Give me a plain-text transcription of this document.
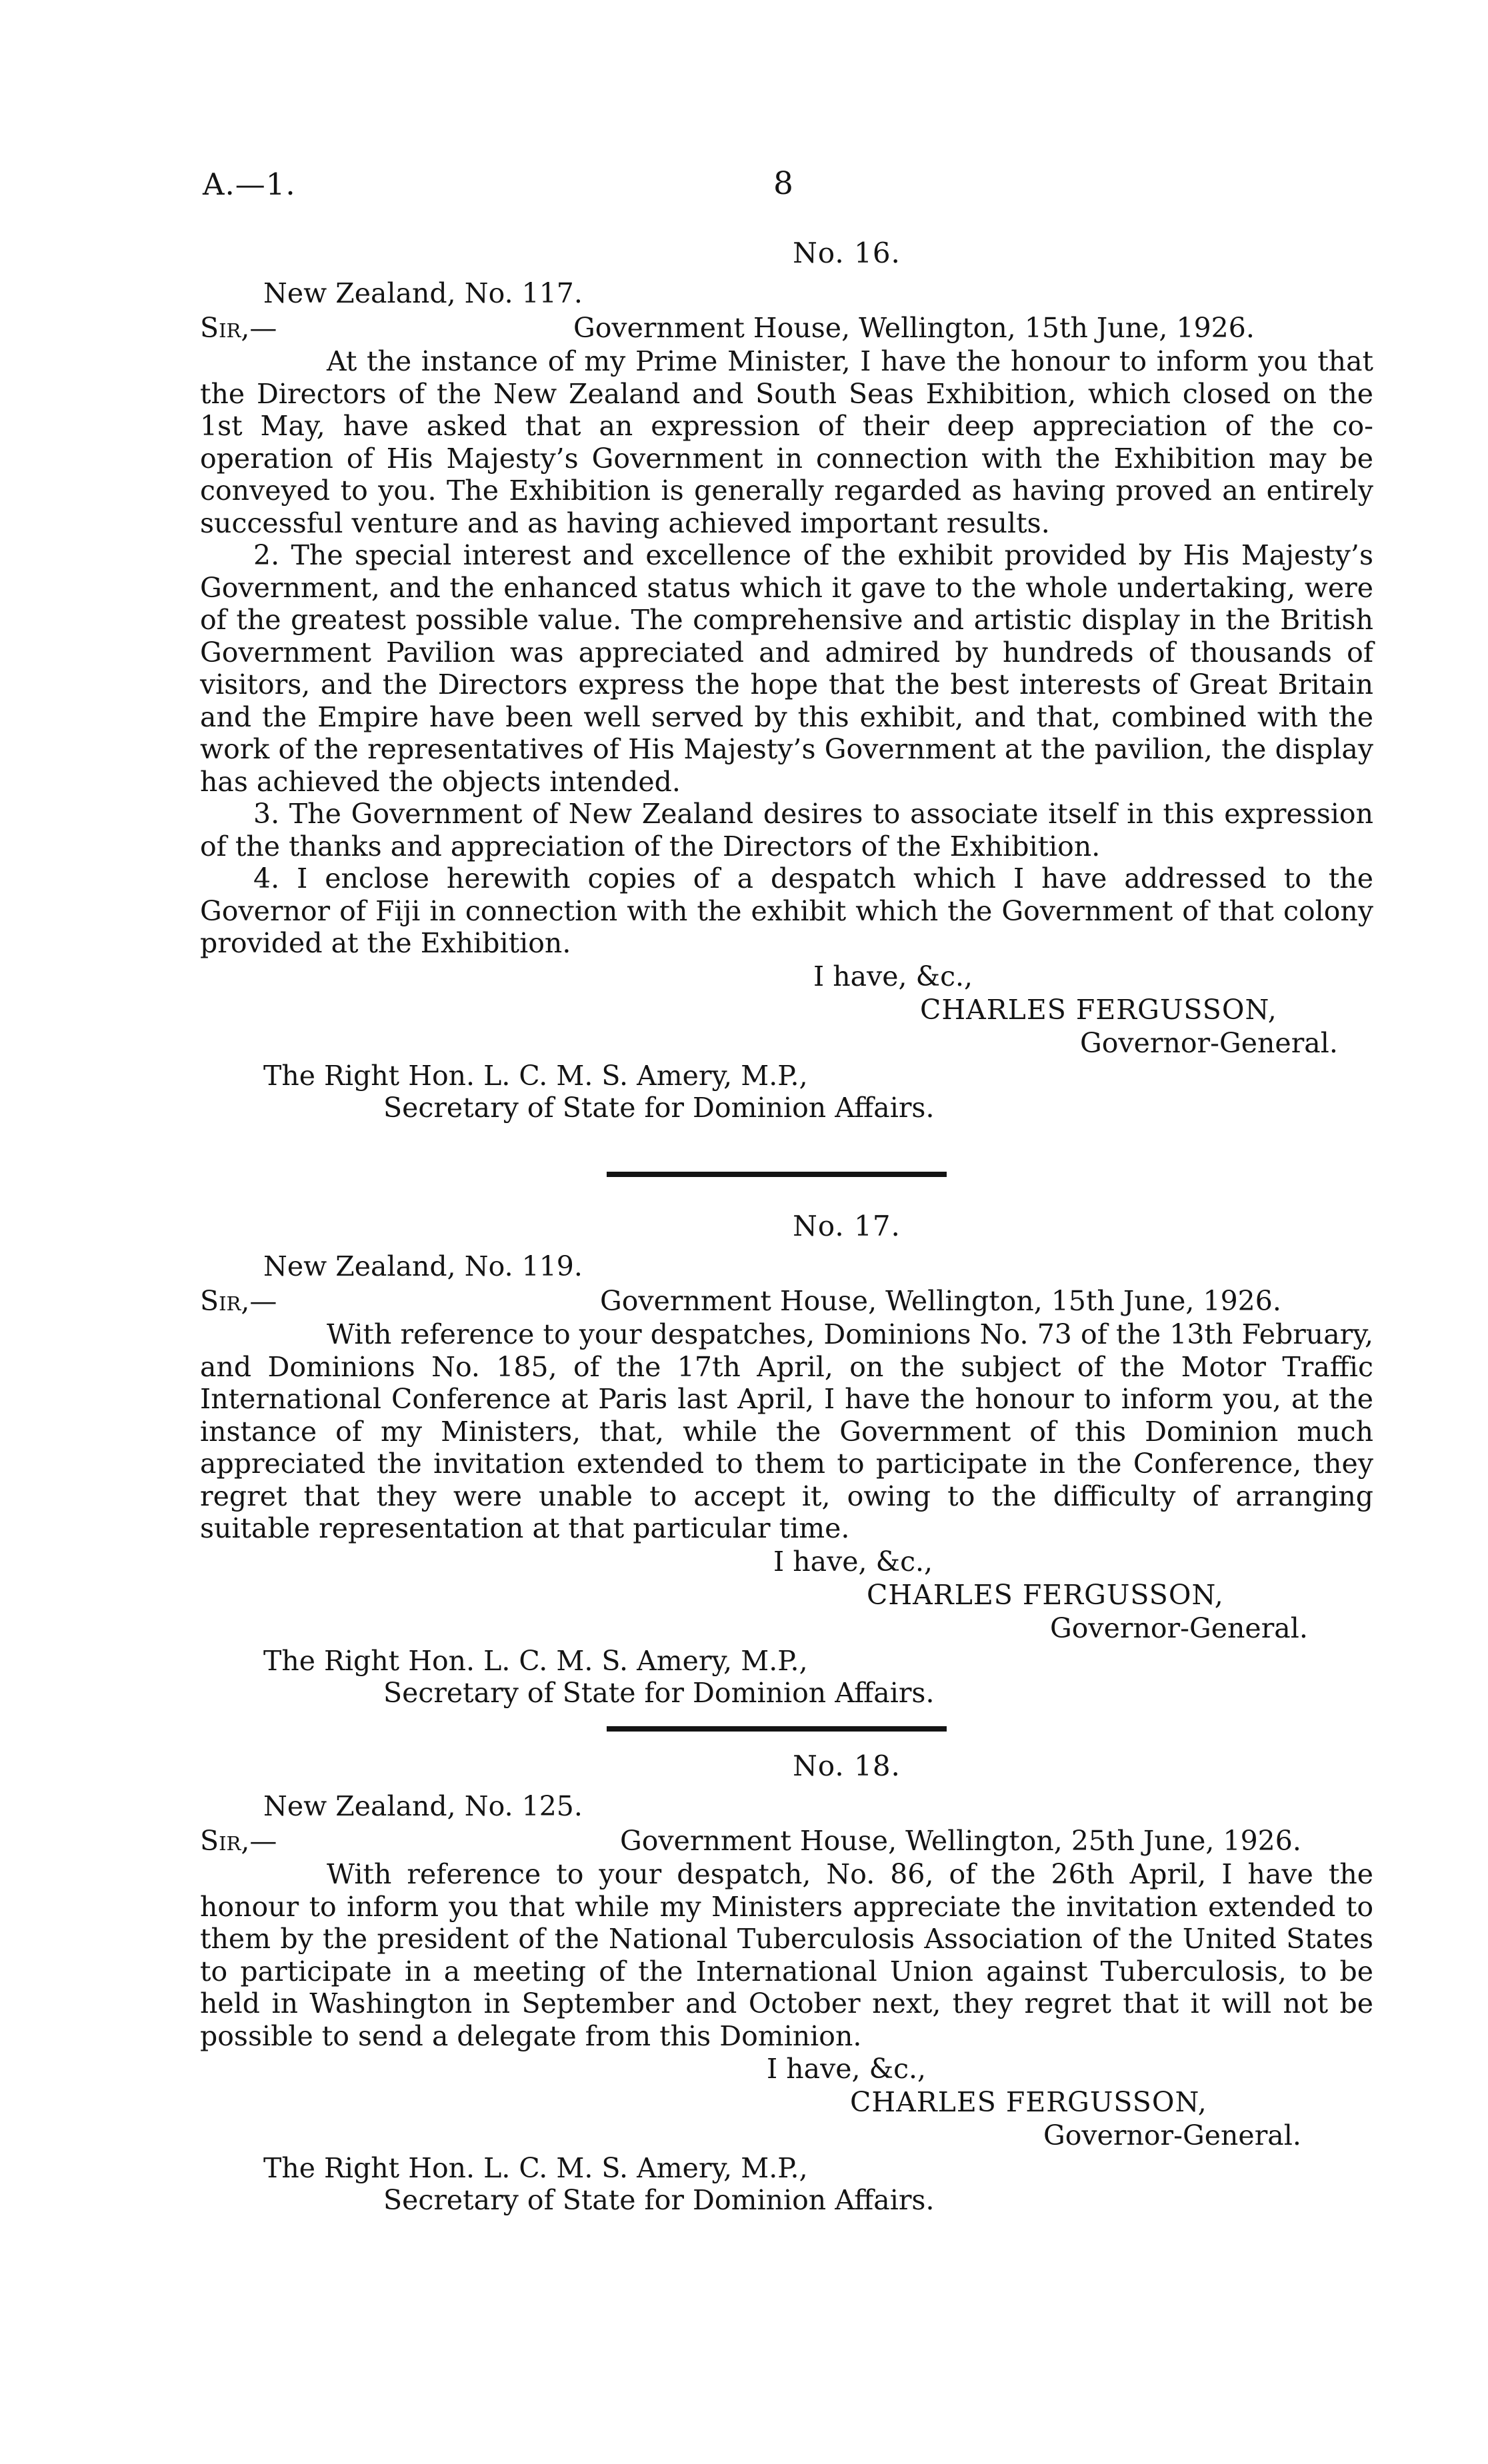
A.—1.	8
No. 16.
New Zealand, No. 117.
Sir,—	Government House, Wellington, 15th June, 1926.

At the instance of my Prime Minister, I have the honour to inform you that the Directors of the New Zealand and South Seas Exhibition, which closed on the 1st May, have asked that an expression of their deep appreciation of the co-operation of His Majesty’s Government in connection with the Exhibition may be conveyed to you. The Exhibition is generally regarded as having proved an entirely successful venture and as having achieved important results.

2. The special interest and excellence of the exhibit provided by His Majesty’s Government, and the enhanced status which it gave to the whole undertaking, were of the greatest possible value. The comprehensive and artistic display in the British Government Pavilion was appreciated and admired by hundreds of thousands of visitors, and the Directors express the hope that the best interests of Great Britain and the Empire have been well served by this exhibit, and that, combined with the work of the representatives of His Majesty’s Government at the pavilion, the display has achieved the objects intended.

3. The Government of New Zealand desires to associate itself in this expression of the thanks and appreciation of the Directors of the Exhibition.

4. I enclose herewith copies of a despatch which I have addressed to the Governor of Fiji in connection with the exhibit which the Government of that colony provided at the Exhibition.

I have, &c.,
CHARLES FERGUSSON,
Governor-General.
The Right Hon. L. C. M. S. Amery, M.P.,
Secretary of State for Dominion Affairs.
No. 17.
New Zealand, No. 119.
Sir,—	Government House, Wellington, 15th June, 1926.

With reference to your despatches, Dominions No. 73 of the 13th February, and Dominions No. 185, of the 17th April, on the subject of the Motor Traffic International Conference at Paris last April, I have the honour to inform you, at the instance of my Ministers, that, while the Government of this Dominion much appreciated the invitation extended to them to participate in the Conference, they regret that they were unable to accept it, owing to the difficulty of arranging suitable representation at that particular time.

I have, &c.,
CHARLES FERGUSSON,
Governor-General.
The Right Hon. L. C. M. S. Amery, M.P.,
Secretary of State for Dominion Affairs.
No. 18.
New Zealand, No. 125.
Sir,—	Government House, Wellington, 25th June, 1926.

With reference to your despatch, No. 86, of the 26th April, I have the honour to inform you that while my Ministers appreciate the invitation extended to them by the president of the National Tuberculosis Association of the United States to participate in a meeting of the International Union against Tuberculosis, to be held in Washington in September and October next, they regret that it will not be possible to send a delegate from this Dominion.

I have, &c.,
CHARLES FERGUSSON,
Governor-General.
The Right Hon. L. C. M. S. Amery, M.P.,
Secretary of State for Dominion Affairs.
